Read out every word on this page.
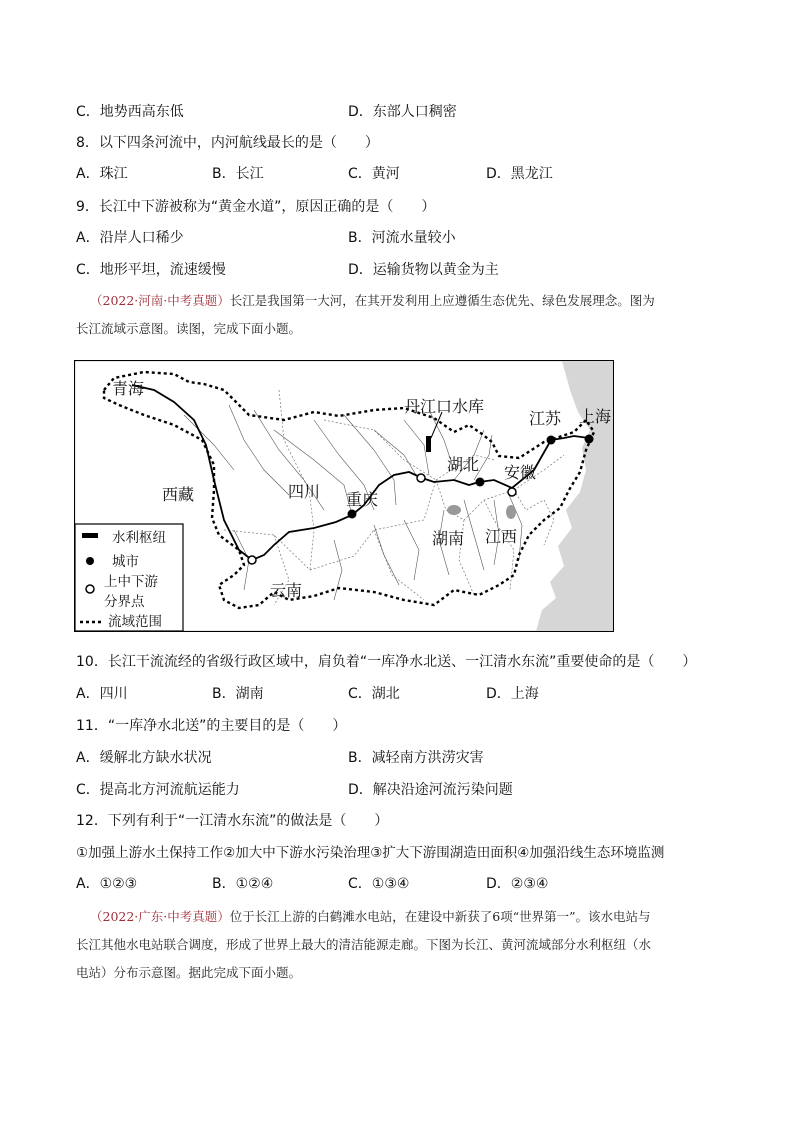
C．地势西高东低	D．东部人口稠密
8．以下四条河流中，内河航线最长的是（　　）
A．珠江	B．长江	C．黄河	D．黑龙江
9．长江中下游被称为“黄金水道”，原因正确的是（　　）
A．沿岸人口稀少	B．河流水量较小
C．地形平坦，流速缓慢	D．运输货物以黄金为主
（2022·河南·中考真题）长江是我国第一大河，在其开发利用上应遵循生态优先、绿色发展理念。图为
长江流域示意图。读图，完成下面小题。
青海
西藏	四川 重庆
云南
湖北
湖南 江西
安徽
江苏 上海
丹江口水库
水利枢纽
城市
上中下游
分界点
流域范围
10．长江干流流经的省级行政区域中，肩负着“一库净水北送、一江清水东流”重要使命的是（　　）
A．四川	B．湖南	C．湖北	D．上海
11．“一库净水北送”的主要目的是（　　）
A．缓解北方缺水状况	B．减轻南方洪涝灾害
C．提高北方河流航运能力	D．解决沿途河流污染问题
12．下列有利于“一江清水东流”的做法是（　　）
①加强上游水土保持工作②加大中下游水污染治理③扩大下游围湖造田面积④加强沿线生态环境监测
A．①②③	B．①②④	C．①③④	D．②③④
（2022·广东·中考真题）位于长江上游的白鹤滩水电站，在建设中新获了6项“世界第一”。该水电站与
长江其他水电站联合调度，形成了世界上最大的清洁能源走廊。下图为长江、黄河流域部分水利枢纽（水
电站）分布示意图。据此完成下面小题。
